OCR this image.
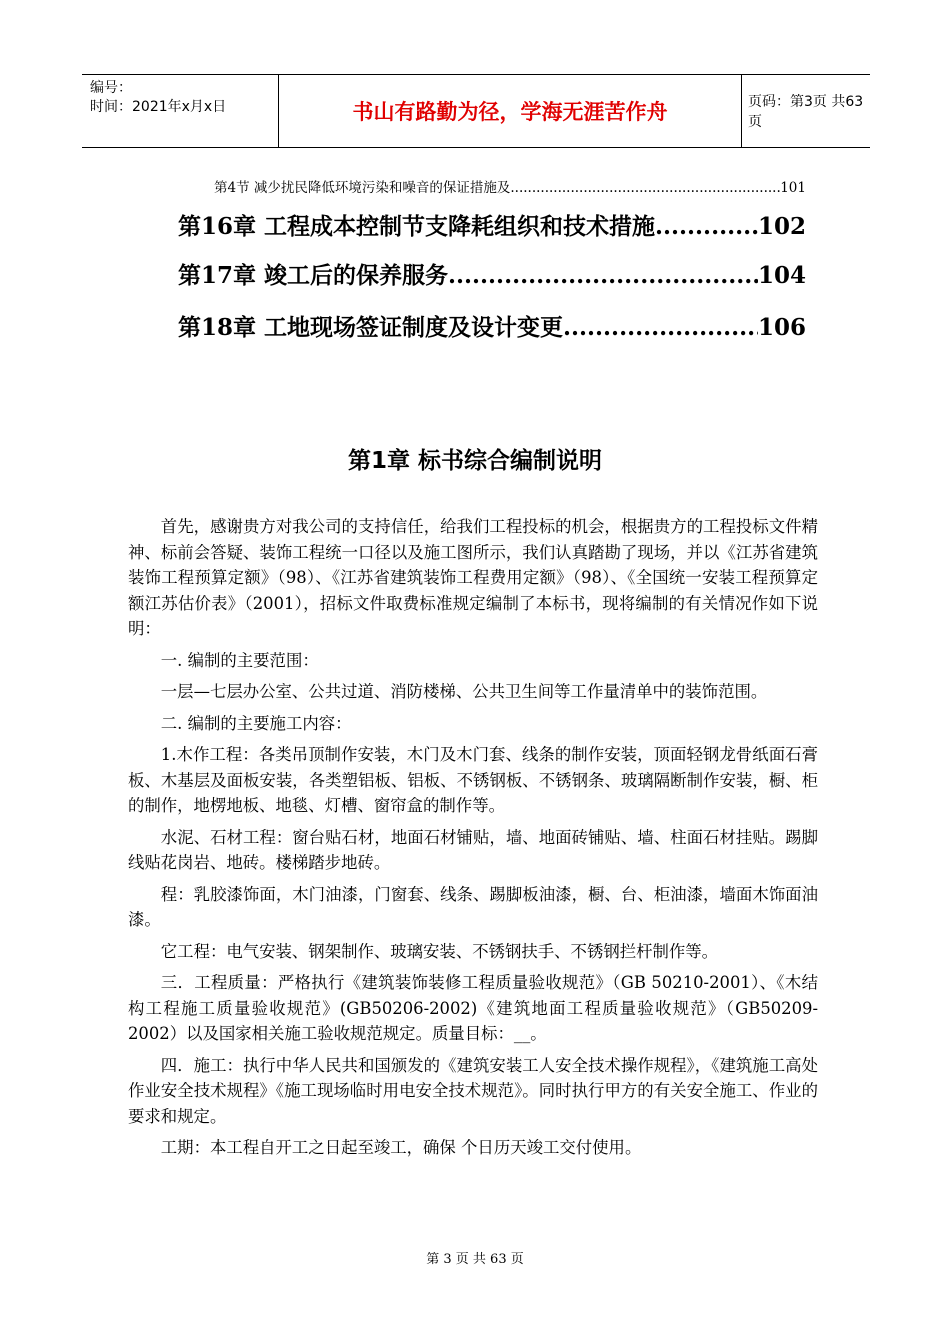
编号：
时间：2021年x月x日	书山有路勤为径，学海无涯苦作舟	页码：第3页 共63页
第4节 减少扰民降低环境污染和噪音的保证措施及 .....	101
第16章 工程成本控制节支降耗组织和技术措施 .....	102
第17章 竣工后的保养服务 .....	104
第18章 工地现场签证制度及设计变更 .....	106
第1章 标书综合编制说明

首先，感谢贵方对我公司的支持信任，给我们工程投标的机会，根据贵方的工程投标文件精神、标前会答疑、装饰工程统一口径以及施工图所示，我们认真踏勘了现场，并以《江苏省建筑装饰工程预算定额》（98）、《江苏省建筑装饰工程费用定额》（98）、《全国统一安装工程预算定额江苏估价表》（2001），招标文件取费标准规定编制了本标书，现将编制的有关情况作如下说明：

一. 编制的主要范围：

一层—七层办公室、公共过道、消防楼梯、公共卫生间等工作量清单中的装饰范围。

二. 编制的主要施工内容：

1.木作工程：各类吊顶制作安装，木门及木门套、线条的制作安装，顶面轻钢龙骨纸面石膏板、木基层及面板安装，各类塑铝板、铝板、不锈钢板、不锈钢条、玻璃隔断制作安装，橱、柜的制作，地楞地板、地毯、灯槽、窗帘盒的制作等。

水泥、石材工程：窗台贴石材，地面石材铺贴，墙、地面砖铺贴、墙、柱面石材挂贴。踢脚线贴花岗岩、地砖。楼梯踏步地砖。

程：乳胶漆饰面，木门油漆，门窗套、线条、踢脚板油漆，橱、台、柜油漆，墙面木饰面油漆。

它工程：电气安装、钢架制作、玻璃安装、不锈钢扶手、不锈钢拦杆制作等。

三．工程质量：严格执行《建筑装饰装修工程质量验收规范》（GB 50210-2001）、《木结构工程施工质量验收规范》(GB50206-2002)《建筑地面工程质量验收规范》（GB50209-2002）以及国家相关施工验收规范规定。质量目标：__。

四．施工：执行中华人民共和国颁发的《建筑安装工人安全技术操作规程》，《建筑施工高处作业安全技术规程》《施工现场临时用电安全技术规范》。同时执行甲方的有关安全施工、作业的要求和规定。

工期：本工程自开工之日起至竣工，确保 个日历天竣工交付使用。

第 3 页 共 63 页
